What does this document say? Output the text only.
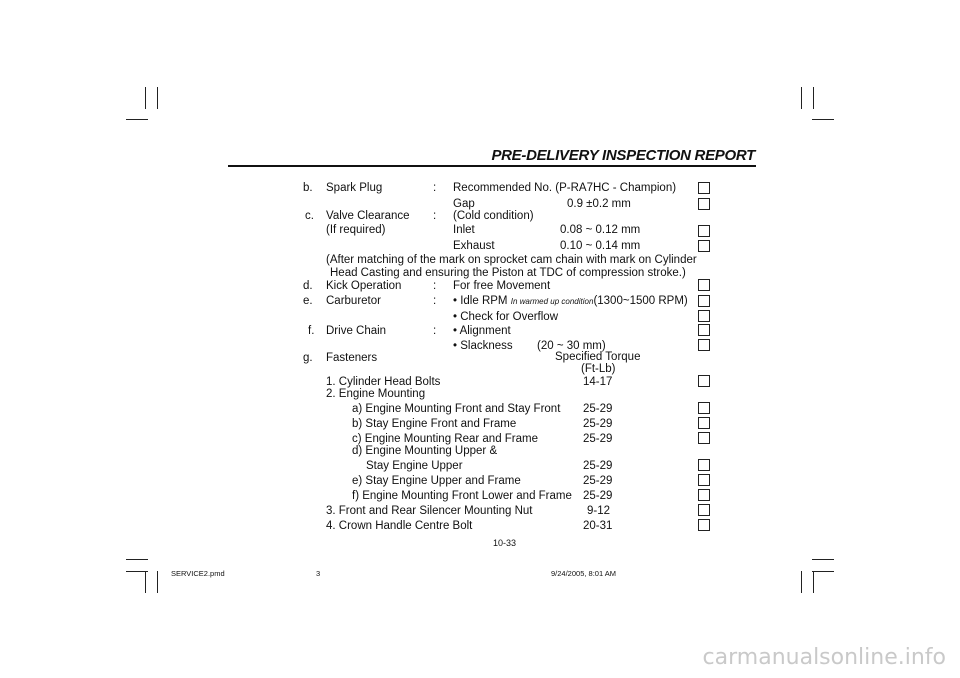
PRE-DELIVERY INSPECTION REPORT
b. Spark Plug	: Recommended No. (P-RA7HC - Champion)
Gap	0.9 ±0.2 mm
c. Valve Clearance : (Cold condition)
(If required)	Inlet	0.08 ~ 0.12 mm
Exhaust	0.10 ~ 0.14 mm
(After matching of the mark on sprocket cam chain with mark on Cylinder
Head Casting and ensuring the Piston at TDC of compression stroke.)
d. Kick Operation	: For free Movement
e. Carburetor	: • Idle RPM In warmed up condition(1300~1500 RPM)
• Check for Overflow
f. Drive Chain	: • Alignment
• Slackness (20 ~ 30 mm)
g. Fasteners	Specified Torque
(Ft-Lb)
1. Cylinder Head Bolts	14-17
2. Engine Mounting
a) Engine Mounting Front and Stay Front 25-29
b) Stay Engine Front and Frame	25-29
c) Engine Mounting Rear and Frame	25-29
d) Engine Mounting Upper &
Stay Engine Upper	25-29
e) Stay Engine Upper and Frame	25-29
f) Engine Mounting Front Lower and Frame 25-29
3. Front and Rear Silencer Mounting Nut	9-12
4. Crown Handle Centre Bolt	20-31
10-33
SERVICE2.pmd	3	9/24/2005, 8:01 AM
carmanualsonline.info
